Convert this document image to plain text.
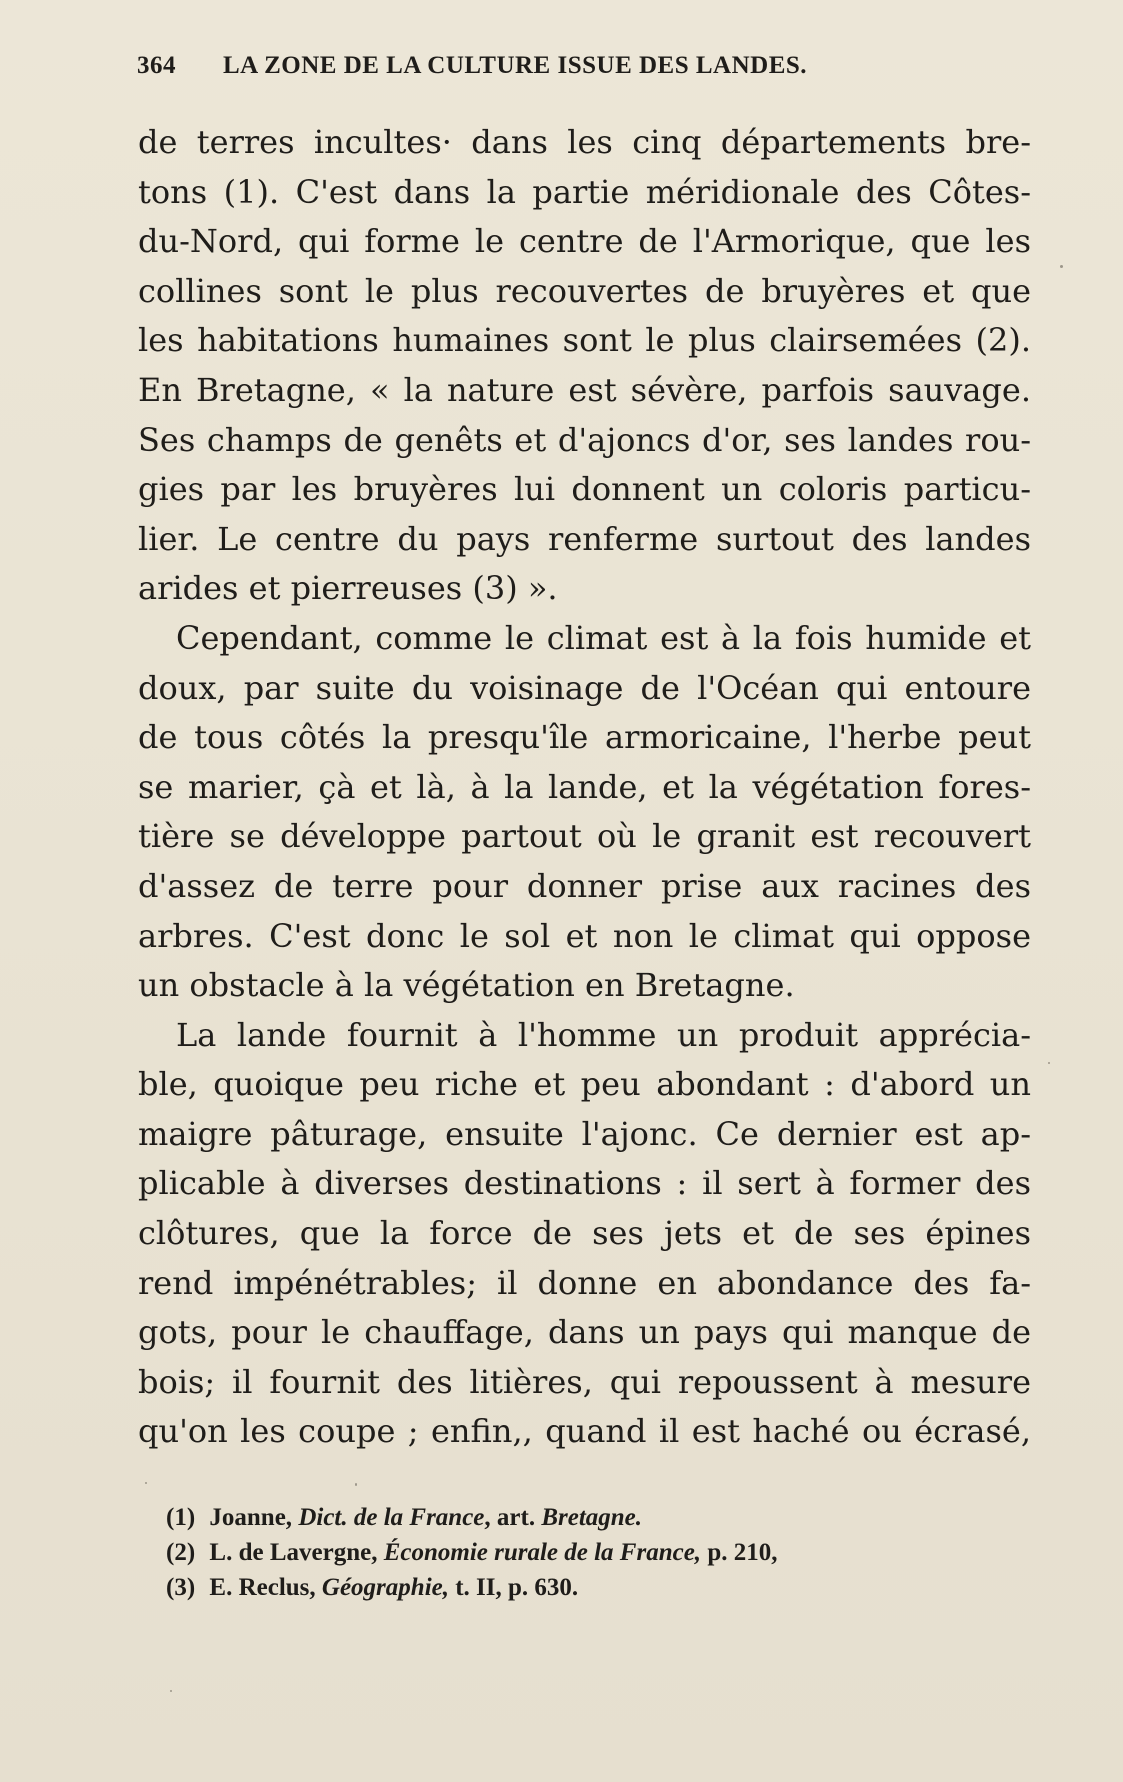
364 LA ZONE DE LA CULTURE ISSUE DES LANDES.
de terres incultes· dans les cinq départements bre-
tons (1). C'est dans la partie méridionale des Côtes-
du-Nord, qui forme le centre de l'Armorique, que les
collines sont le plus recouvertes de bruyères et que
les habitations humaines sont le plus clairsemées (2).
En Bretagne, « la nature est sévère, parfois sauvage.
Ses champs de genêts et d'ajoncs d'or, ses landes rou-
gies par les bruyères lui donnent un coloris particu-
lier. Le centre du pays renferme surtout des landes
arides et pierreuses (3) ».
Cependant, comme le climat est à la fois humide et
doux, par suite du voisinage de l'Océan qui entoure
de tous côtés la presqu'île armoricaine, l'herbe peut
se marier, çà et là, à la lande, et la végétation fores-
tière se développe partout où le granit est recouvert
d'assez de terre pour donner prise aux racines des
arbres. C'est donc le sol et non le climat qui oppose
un obstacle à la végétation en Bretagne.
La lande fournit à l'homme un produit apprécia-
ble, quoique peu riche et peu abondant : d'abord un
maigre pâturage, ensuite l'ajonc. Ce dernier est ap-
plicable à diverses destinations : il sert à former des
clôtures, que la force de ses jets et de ses épines
rend impénétrables; il donne en abondance des fa-
gots, pour le chauffage, dans un pays qui manque de
bois; il fournit des litières, qui repoussent à mesure
qu'on les coupe ; enfin,, quand il est haché ou écrasé,
(1) Joanne, Dict. de la France, art. Bretagne.
(2) L. de Lavergne, Économie rurale de la France, p. 210,
(3) E. Reclus, Géographie, t. II, p. 630.
